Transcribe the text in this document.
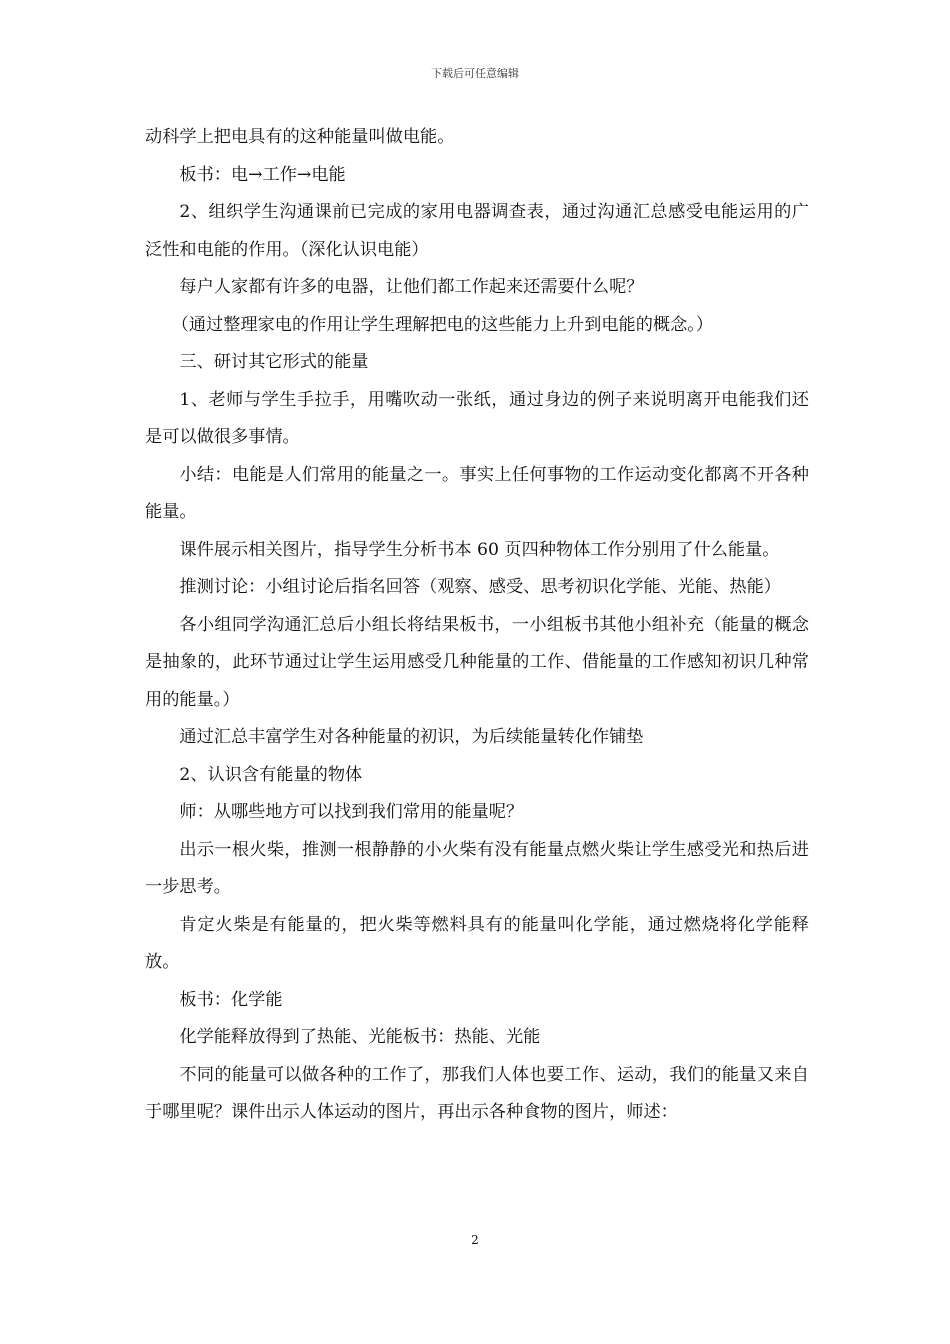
下载后可任意编辑

动科学上把电具有的这种能量叫做电能。

板书：电→工作→电能

2、组织学生沟通课前已完成的家用电器调查表，通过沟通汇总感受电能运用的广泛性和电能的作用。（深化认识电能）

每户人家都有许多的电器，让他们都工作起来还需要什么呢？

（通过整理家电的作用让学生理解把电的这些能力上升到电能的概念。）

三、研讨其它形式的能量

1、老师与学生手拉手，用嘴吹动一张纸，通过身边的例子来说明离开电能我们还是可以做很多事情。

小结：电能是人们常用的能量之一。事实上任何事物的工作运动变化都离不开各种能量。

课件展示相关图片，指导学生分析书本 60 页四种物体工作分别用了什么能量。

推测讨论：小组讨论后指名回答（观察、感受、思考初识化学能、光能、热能）

各小组同学沟通汇总后小组长将结果板书，一小组板书其他小组补充（能量的概念是抽象的，此环节通过让学生运用感受几种能量的工作、借能量的工作感知初识几种常用的能量。）

通过汇总丰富学生对各种能量的初识，为后续能量转化作铺垫

2、认识含有能量的物体

师：从哪些地方可以找到我们常用的能量呢？

出示一根火柴，推测一根静静的小火柴有没有能量点燃火柴让学生感受光和热后进一步思考。

肯定火柴是有能量的，把火柴等燃料具有的能量叫化学能，通过燃烧将化学能释放。

板书：化学能

化学能释放得到了热能、光能板书：热能、光能

不同的能量可以做各种的工作了，那我们人体也要工作、运动，我们的能量又来自于哪里呢？课件出示人体运动的图片，再出示各种食物的图片，师述：

2
